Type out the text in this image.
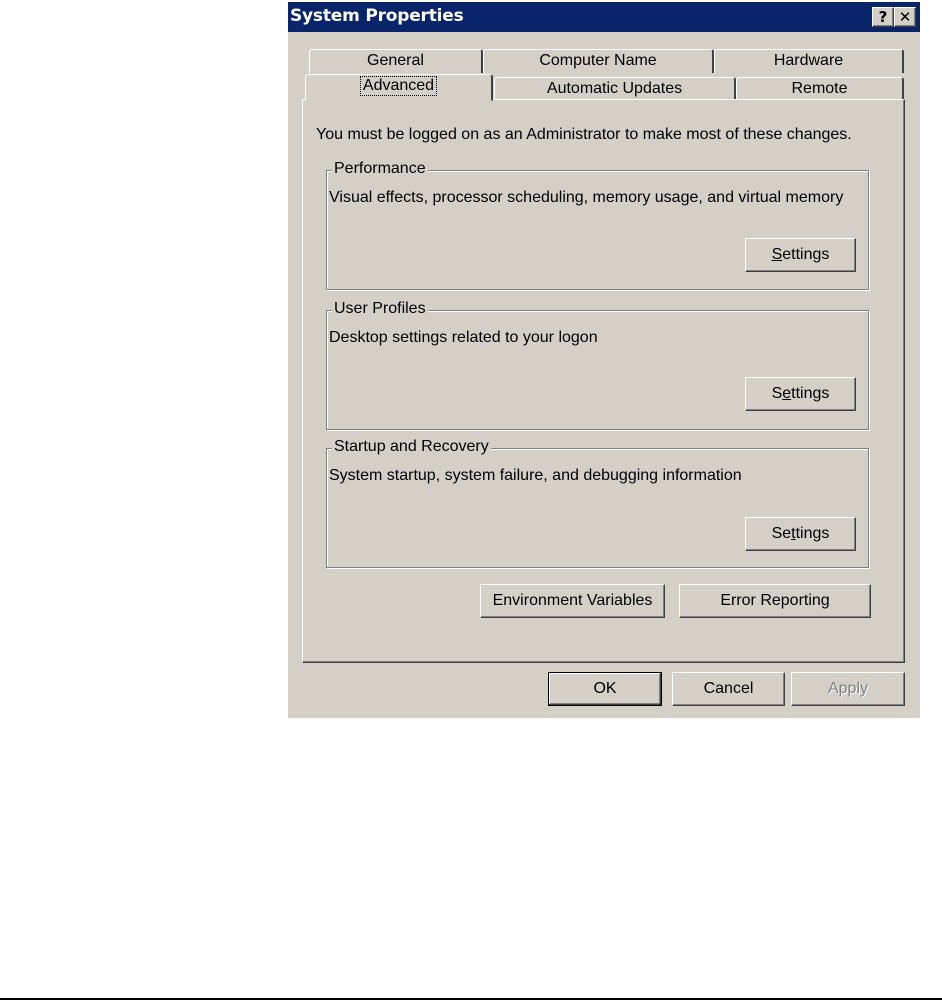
System Properties	? ✕
General	Computer Name	Hardware
Advanced	Automatic Updates	Remote
You must be logged on as an Administrator to make most of these changes.
Performance
Visual effects, processor scheduling, memory usage, and virtual memory
Settings
User Profiles
Desktop settings related to your logon
Settings
Startup and Recovery
System startup, system failure, and debugging information
Settings
Environment Variables	Error Reporting
OK	Cancel	Apply
